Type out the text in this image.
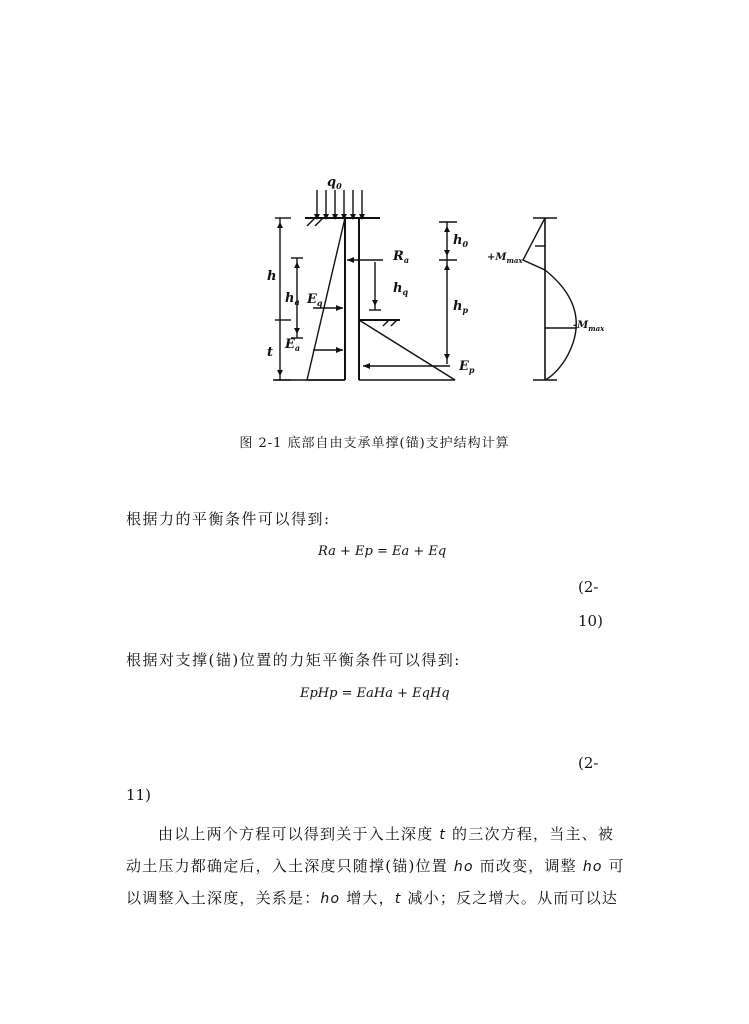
$q_0$
h
$h_a$
t
$E_q$
$E_a$
$R_a$
$h_q$
$h_0$
$h_p$
$E_p$
$+M_{max}$
$-M_{max}$
图 2-1 底部自由支承单撑(锚)支护结构计算
根据力的平衡条件可以得到:
Ra + Ep = Ea + Eq
(2-
10)
根据对支撑(锚)位置的力矩平衡条件可以得到:
EpHp = EaHa + EqHq
(2-
11)
由以上两个方程可以得到关于入土深度 t 的三次方程，当主、被
动土压力都确定后，入土深度只随撑(锚)位置 ho 而改变，调整 ho 可
以调整入土深度，关系是：ho 增大，t 减小；反之增大。从而可以达
